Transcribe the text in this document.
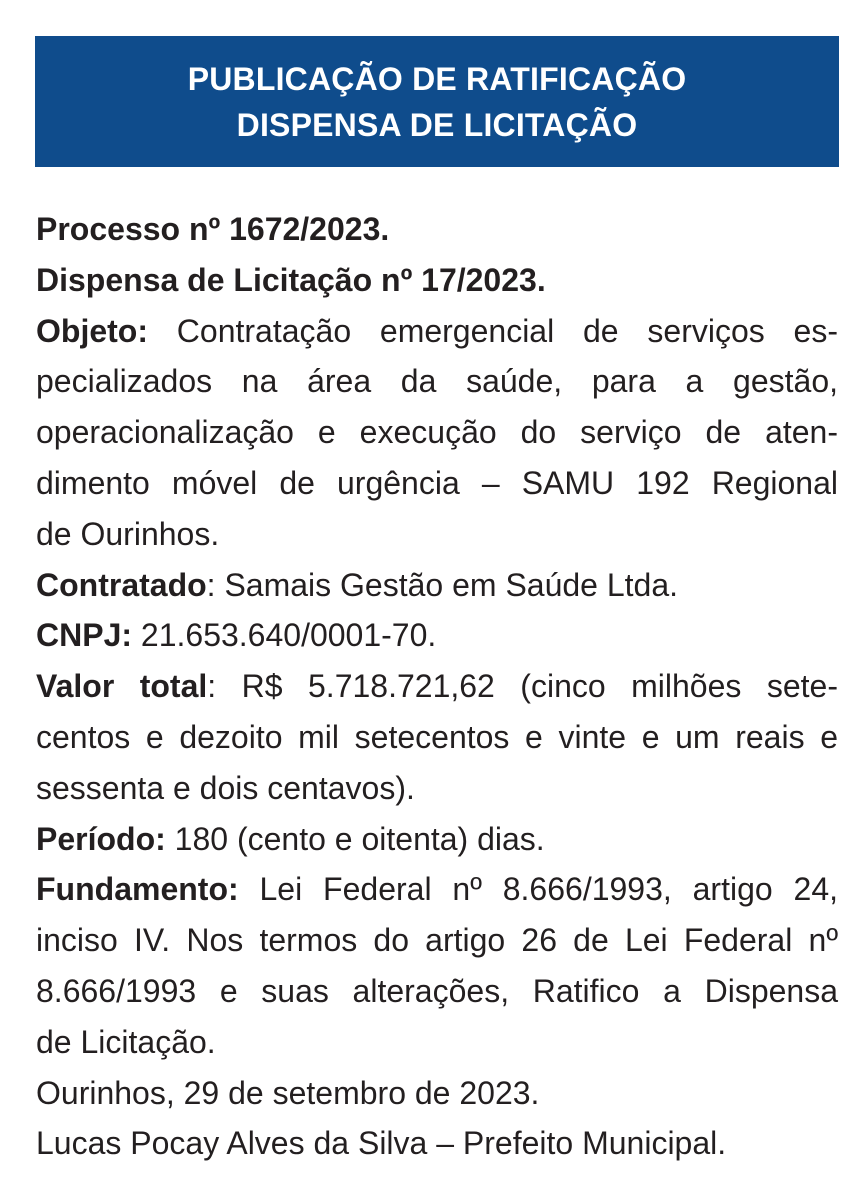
PUBLICAÇÃO DE RATIFICAÇÃO
DISPENSA DE LICITAÇÃO
Processo nº 1672/2023.
Dispensa de Licitação nº 17/2023.
Objeto: Contratação emergencial de serviços es-
pecializados na área da saúde, para a gestão,
operacionalização e execução do serviço de aten-
dimento móvel de urgência – SAMU 192 Regional
de Ourinhos.
Contratado: Samais Gestão em Saúde Ltda.
CNPJ: 21.653.640/0001-70.
Valor total: R$ 5.718.721,62 (cinco milhões sete-
centos e dezoito mil setecentos e vinte e um reais e
sessenta e dois centavos).
Período: 180 (cento e oitenta) dias.
Fundamento: Lei Federal nº 8.666/1993, artigo 24,
inciso IV. Nos termos do artigo 26 de Lei Federal nº
8.666/1993 e suas alterações, Ratifico a Dispensa
de Licitação.
Ourinhos, 29 de setembro de 2023.
Lucas Pocay Alves da Silva – Prefeito Municipal.
